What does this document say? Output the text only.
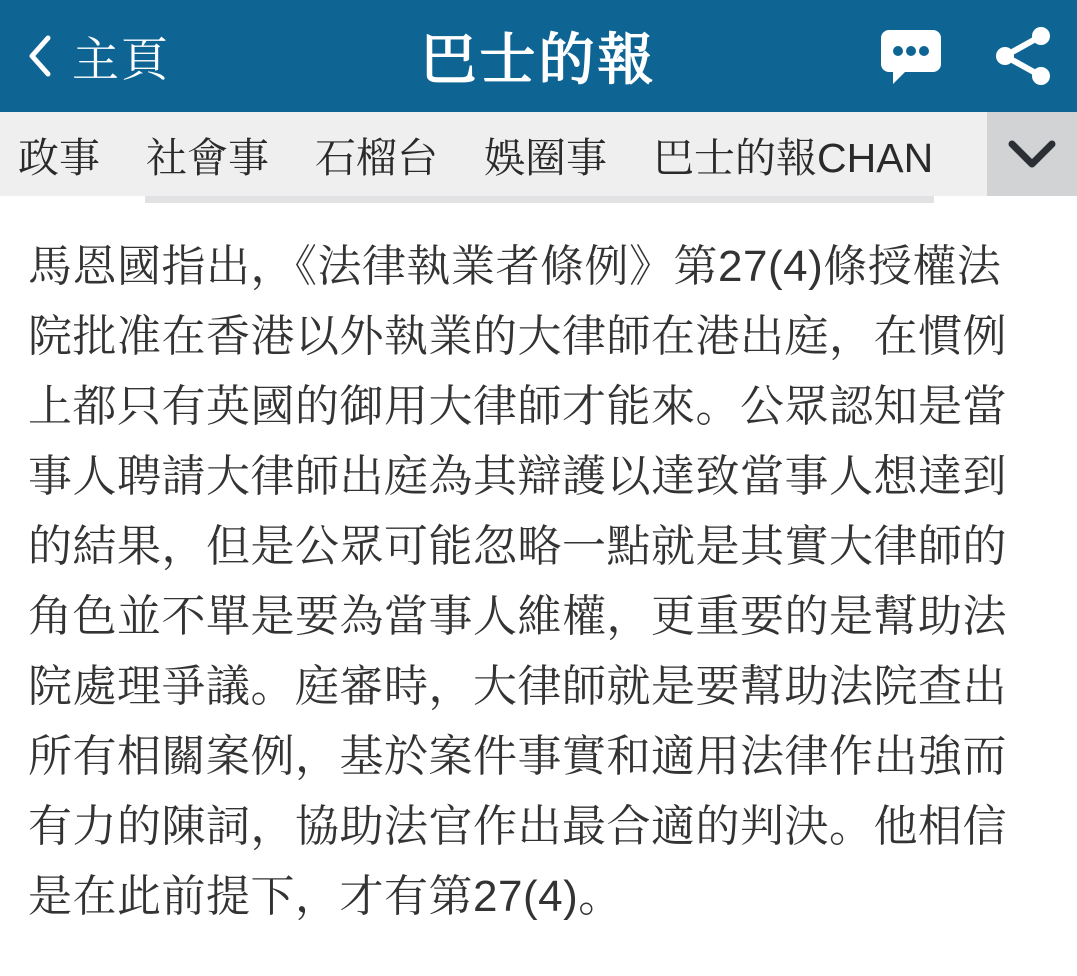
主頁	巴士的報
政事 社會事 石榴台 娛圈事 巴士的報CHAN
馬恩國指出，《法律執業者條例》第27(4)條授權法
院批准在香港以外執業的大律師在港出庭，在慣例
上都只有英國的御用大律師才能來。公眾認知是當
事人聘請大律師出庭為其辯護以達致當事人想達到
的結果，但是公眾可能忽略一點就是其實大律師的
角色並不單是要為當事人維權，更重要的是幫助法
院處理爭議。庭審時，大律師就是要幫助法院查出
所有相關案例，基於案件事實和適用法律作出強而
有力的陳詞，協助法官作出最合適的判決。他相信
是在此前提下，才有第27(4)。
